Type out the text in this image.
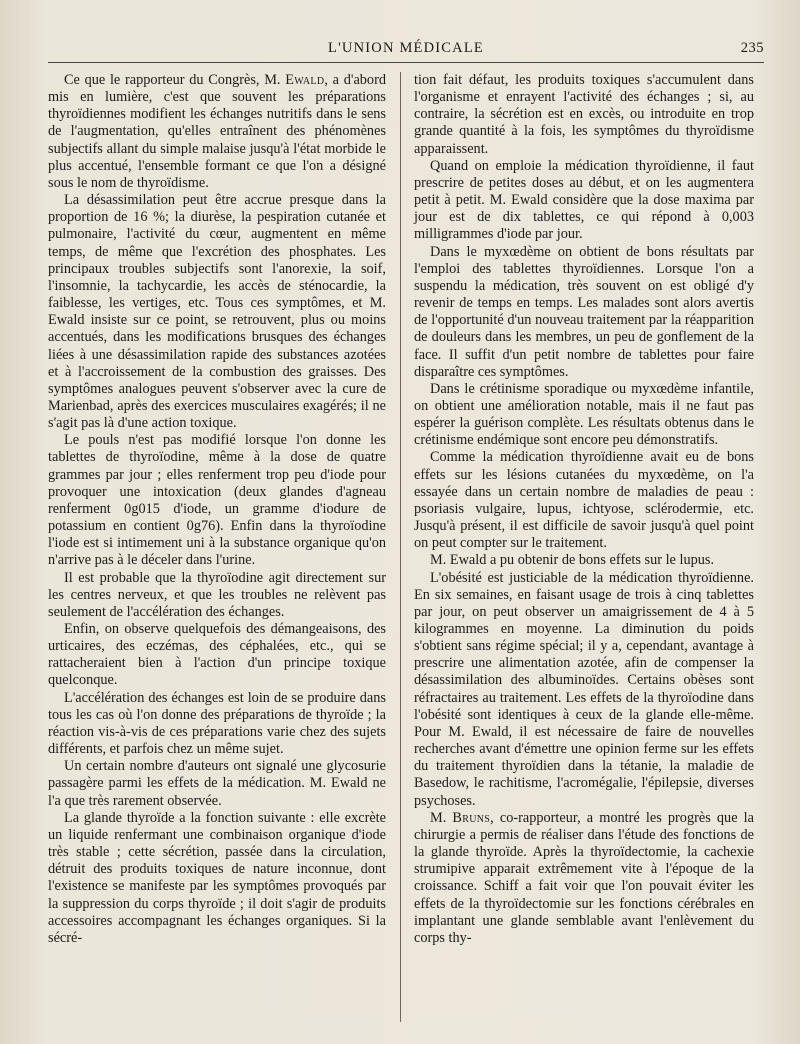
L'UNION MÉDICALE	235

Ce que le rapporteur du Congrès, M. Ewald, a d'abord mis en lumière, c'est que souvent les préparations thyroïdiennes modifient les échanges nutritifs dans le sens de l'augmentation, qu'elles entraînent des phénomènes subjectifs allant du simple malaise jusqu'à l'état morbide le plus accentué, l'ensemble formant ce que l'on a désigné sous le nom de thyroïdisme.

La désassimilation peut être accrue presque dans la proportion de 16 %; la diurèse, la pespiration cutanée et pulmonaire, l'activité du cœur, augmentent en même temps, de même que l'excrétion des phosphates. Les principaux troubles subjectifs sont l'anorexie, la soif, l'insomnie, la tachycardie, les accès de sténocardie, la faiblesse, les vertiges, etc. Tous ces symptômes, et M. Ewald insiste sur ce point, se retrouvent, plus ou moins accentués, dans les modifications brusques des échanges liées à une désassimilation rapide des substances azotées et à l'accroissement de la combustion des graisses. Des symptômes analogues peuvent s'observer avec la cure de Marienbad, après des exercices musculaires exagérés; il ne s'agit pas là d'une action toxique.

Le pouls n'est pas modifié lorsque l'on donne les tablettes de thyroïodine, même à la dose de quatre grammes par jour ; elles renferment trop peu d'iode pour provoquer une intoxication (deux glandes d'agneau renferment 0g015 d'iode, un gramme d'iodure de potassium en contient 0g76). Enfin dans la thyroïodine l'iode est si intimement uni à la substance organique qu'on n'arrive pas à le déceler dans l'urine.

Il est probable que la thyroïodine agit directement sur les centres nerveux, et que les troubles ne relèvent pas seulement de l'accélération des échanges.

Enfin, on observe quelquefois des démangeaisons, des urticaires, des eczémas, des céphalées, etc., qui se rattacheraient bien à l'action d'un principe toxique quelconque.

L'accélération des échanges est loin de se produire dans tous les cas où l'on donne des préparations de thyroïde ; la réaction vis-à-vis de ces préparations varie chez des sujets différents, et parfois chez un même sujet.

Un certain nombre d'auteurs ont signalé une glycosurie passagère parmi les effets de la médication. M. Ewald ne l'a que très rarement observée.

La glande thyroïde a la fonction suivante : elle excrète un liquide renfermant une combinaison organique d'iode très stable ; cette sécrétion, passée dans la circulation, détruit des produits toxiques de nature inconnue, dont l'existence se manifeste par les symptômes provoqués par la suppression du corps thyroïde ; il doit s'agir de produits accessoires accompagnant les échanges organiques. Si la sécré-

tion fait défaut, les produits toxiques s'accumulent dans l'organisme et enrayent l'activité des échanges ; si, au contraire, la sécrétion est en excès, ou introduite en trop grande quantité à la fois, les symptômes du thyroïdisme apparaissent.

Quand on emploie la médication thyroïdienne, il faut prescrire de petites doses au début, et on les augmentera petit à petit. M. Ewald considère que la dose maxima par jour est de dix tablettes, ce qui répond à 0,003 milligrammes d'iode par jour.

Dans le myxœdème on obtient de bons résultats par l'emploi des tablettes thyroïdiennes. Lorsque l'on a suspendu la médication, très souvent on est obligé d'y revenir de temps en temps. Les malades sont alors avertis de l'opportunité d'un nouveau traitement par la réapparition de douleurs dans les membres, un peu de gonflement de la face. Il suffit d'un petit nombre de tablettes pour faire disparaître ces symptômes.

Dans le crétinisme sporadique ou myxœdème infantile, on obtient une amélioration notable, mais il ne faut pas espérer la guérison complète. Les résultats obtenus dans le crétinisme endémique sont encore peu démonstratifs.

Comme la médication thyroïdienne avait eu de bons effets sur les lésions cutanées du myxœdème, on l'a essayée dans un certain nombre de maladies de peau : psoriasis vulgaire, lupus, ichtyose, sclérodermie, etc. Jusqu'à présent, il est difficile de savoir jusqu'à quel point on peut compter sur le traitement.

M. Ewald a pu obtenir de bons effets sur le lupus.

L'obésité est justiciable de la médication thyroïdienne. En six semaines, en faisant usage de trois à cinq tablettes par jour, on peut observer un amaigrissement de 4 à 5 kilogrammes en moyenne. La diminution du poids s'obtient sans régime spécial; il y a, cependant, avantage à prescrire une alimentation azotée, afin de compenser la désassimilation des albuminoïdes. Certains obèses sont réfractaires au traitement. Les effets de la thyroïodine dans l'obésité sont identiques à ceux de la glande elle-même. Pour M. Ewald, il est nécessaire de faire de nouvelles recherches avant d'émettre une opinion ferme sur les effets du traitement thyroïdien dans la tétanie, la maladie de Basedow, le rachitisme, l'acromégalie, l'épilepsie, diverses psychoses.

M. Bruns, co-rapporteur, a montré les progrès que la chirurgie a permis de réaliser dans l'étude des fonctions de la glande thyroïde. Après la thyroïdectomie, la cachexie strumipive apparait extrêmement vite à l'époque de la croissance. Schiff a fait voir que l'on pouvait éviter les effets de la thyroïdectomie sur les fonctions cérébrales en implantant une glande semblable avant l'enlèvement du corps thy-
